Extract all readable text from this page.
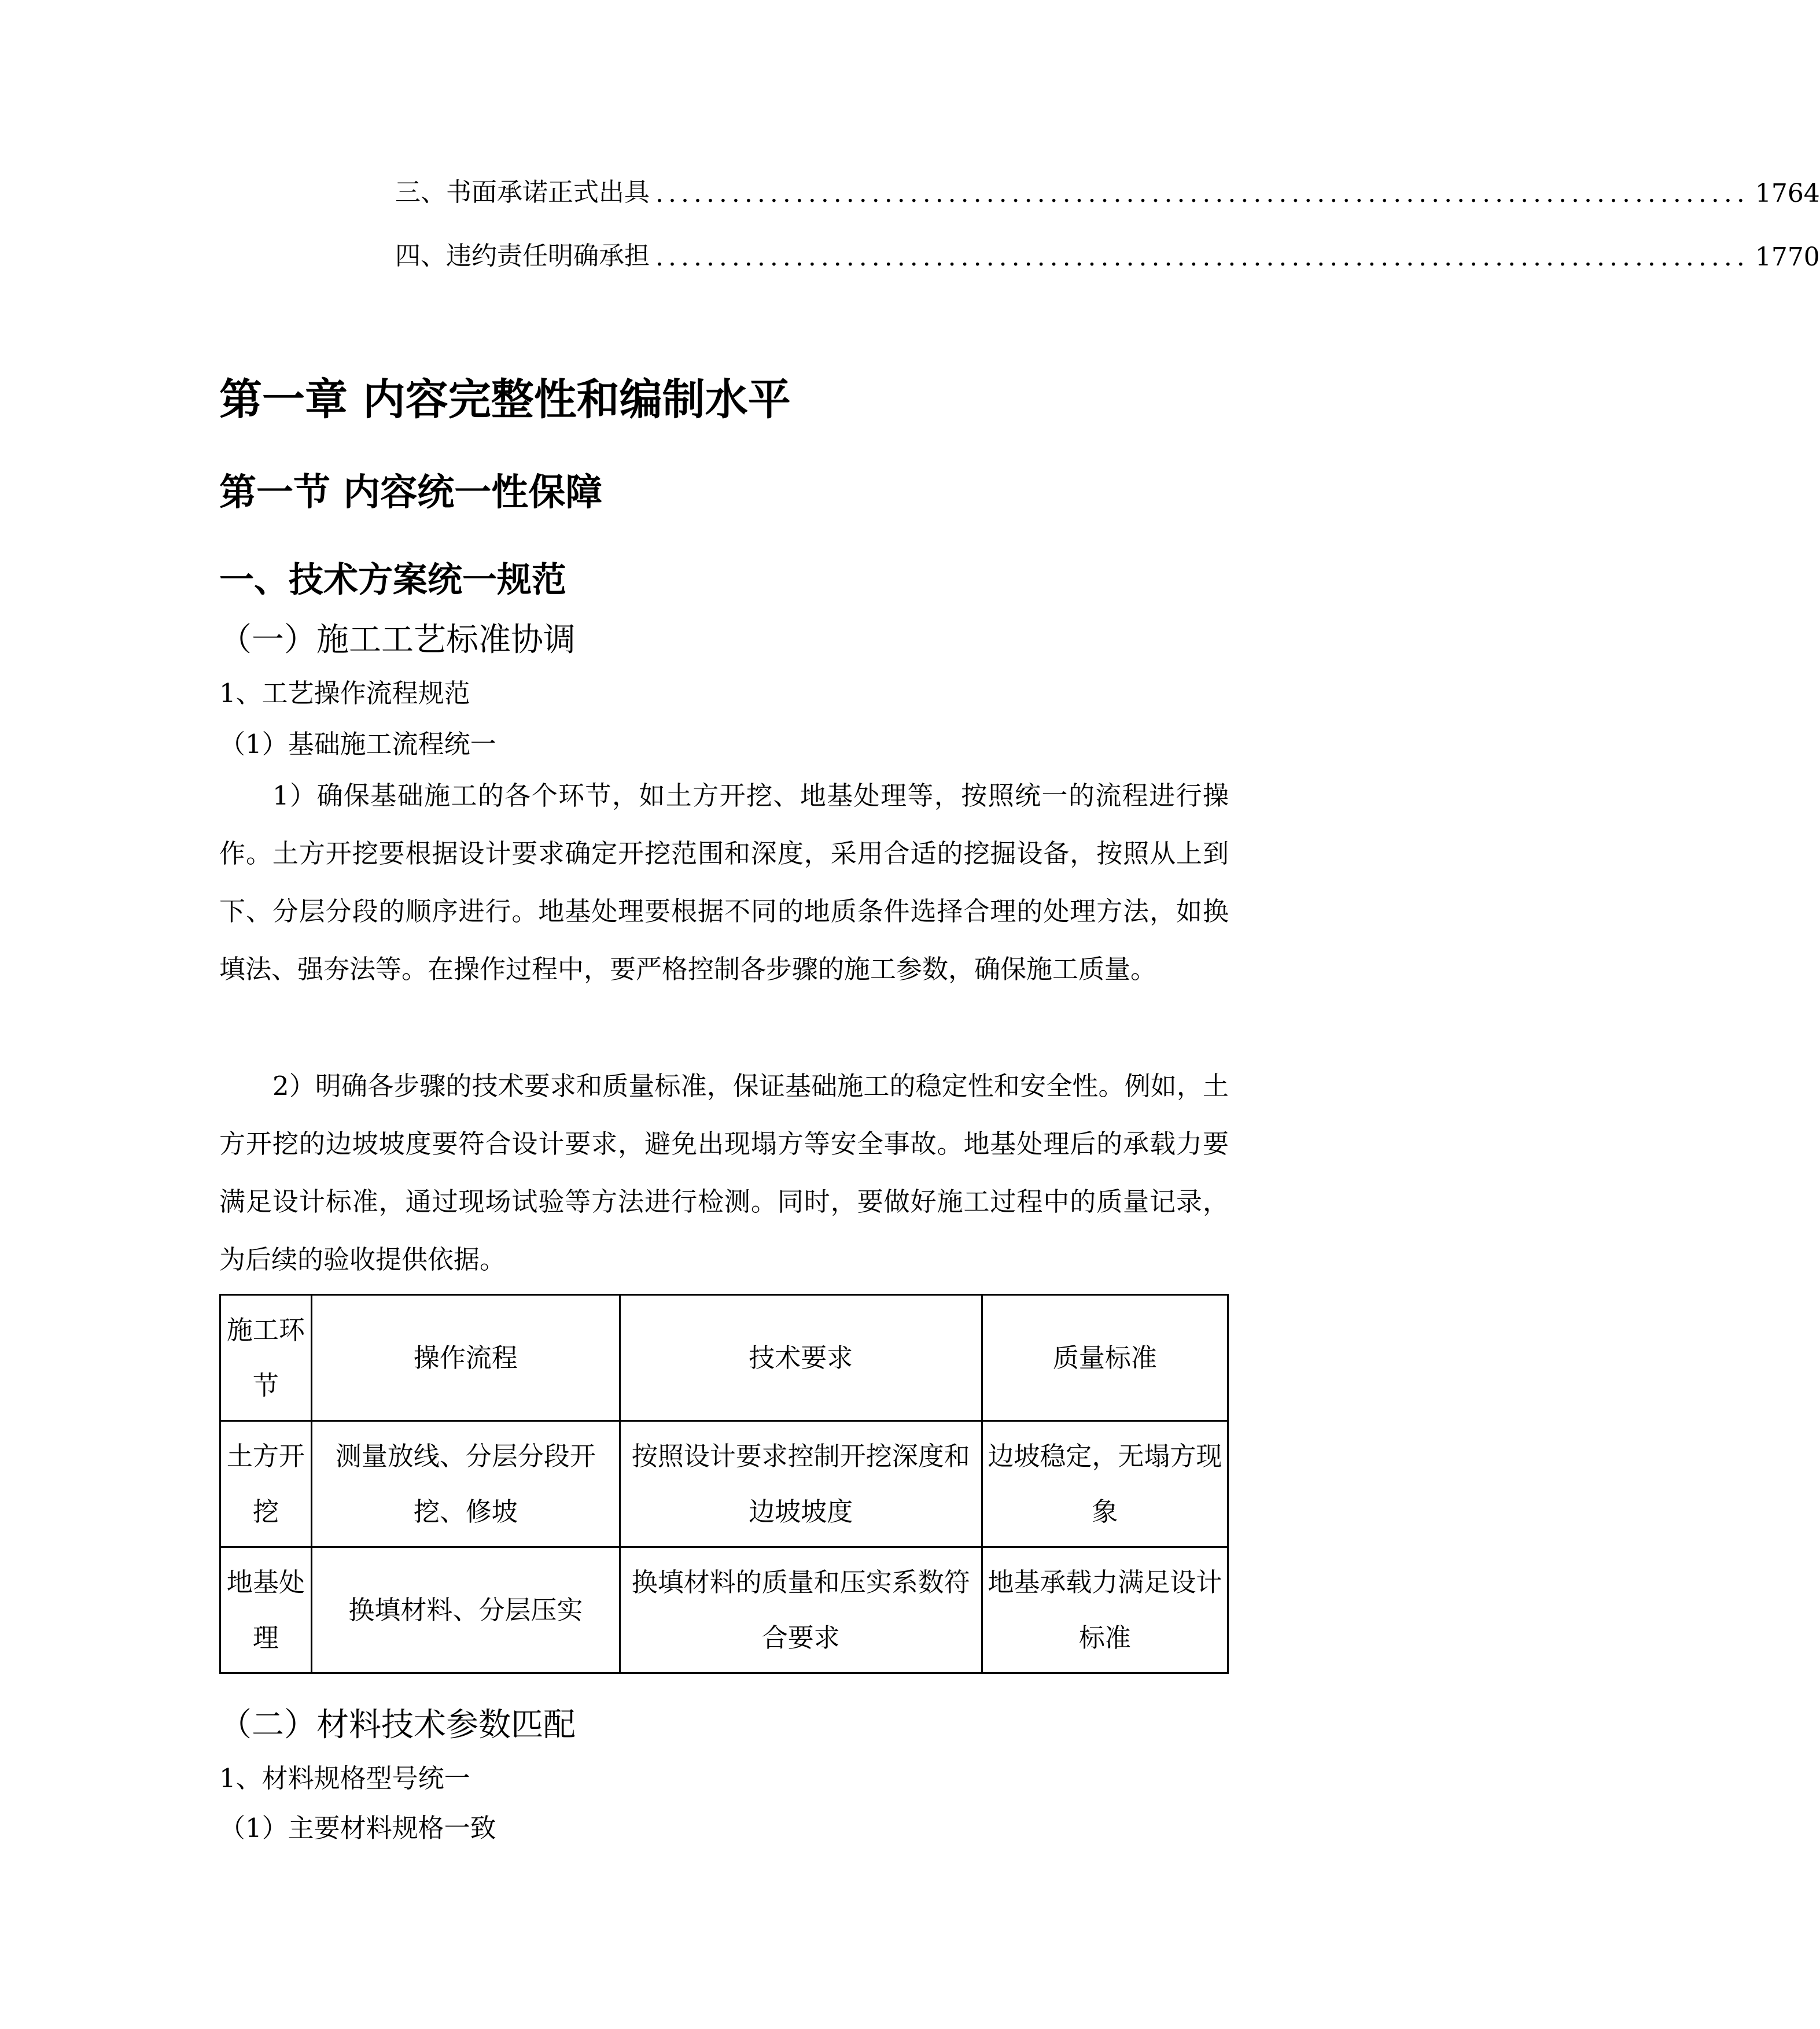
三、 书面承诺正式出具 ...................................................................................... 1764
四、 违约责任明确承担 ...................................................................................... 1770
第一章 内容完整性和编制水平
第一节 内容统一性保障
一、技术方案统一规范
（一）施工工艺标准协调
1、工艺操作流程规范
（1）基础施工流程统一
1）确保基础施工的各个环节，如土方开挖、地基处理等，按照统一的流程进行操作。土方开挖要根据设计要求确定开挖范围和深度，采用合适的挖掘设备，按照从上到下、分层分段的顺序进行。地基处理要根据不同的地质条件选择合理的处理方法，如换填法、强夯法等。在操作过程中，要严格控制各步骤的施工参数，确保施工质量。
2）明确各步骤的技术要求和质量标准，保证基础施工的稳定性和安全性。例如，土方开挖的边坡坡度要符合设计要求，避免出现塌方等安全事故。地基处理后的承载力要满足设计标准，通过现场试验等方法进行检测。同时，要做好施工过程中的质量记录，为后续的验收提供依据。
施工环节	操作流程	技术要求	质量标准
土方开挖	测量放线、分层分段开挖、修坡	按照设计要求控制开挖深度和边坡坡度	边坡稳定，无塌方现象
地基处理	换填材料、分层压实	换填材料的质量和压实系数符合要求	地基承载力满足设计标准
（二）材料技术参数匹配
1、材料规格型号统一
（1）主要材料规格一致
